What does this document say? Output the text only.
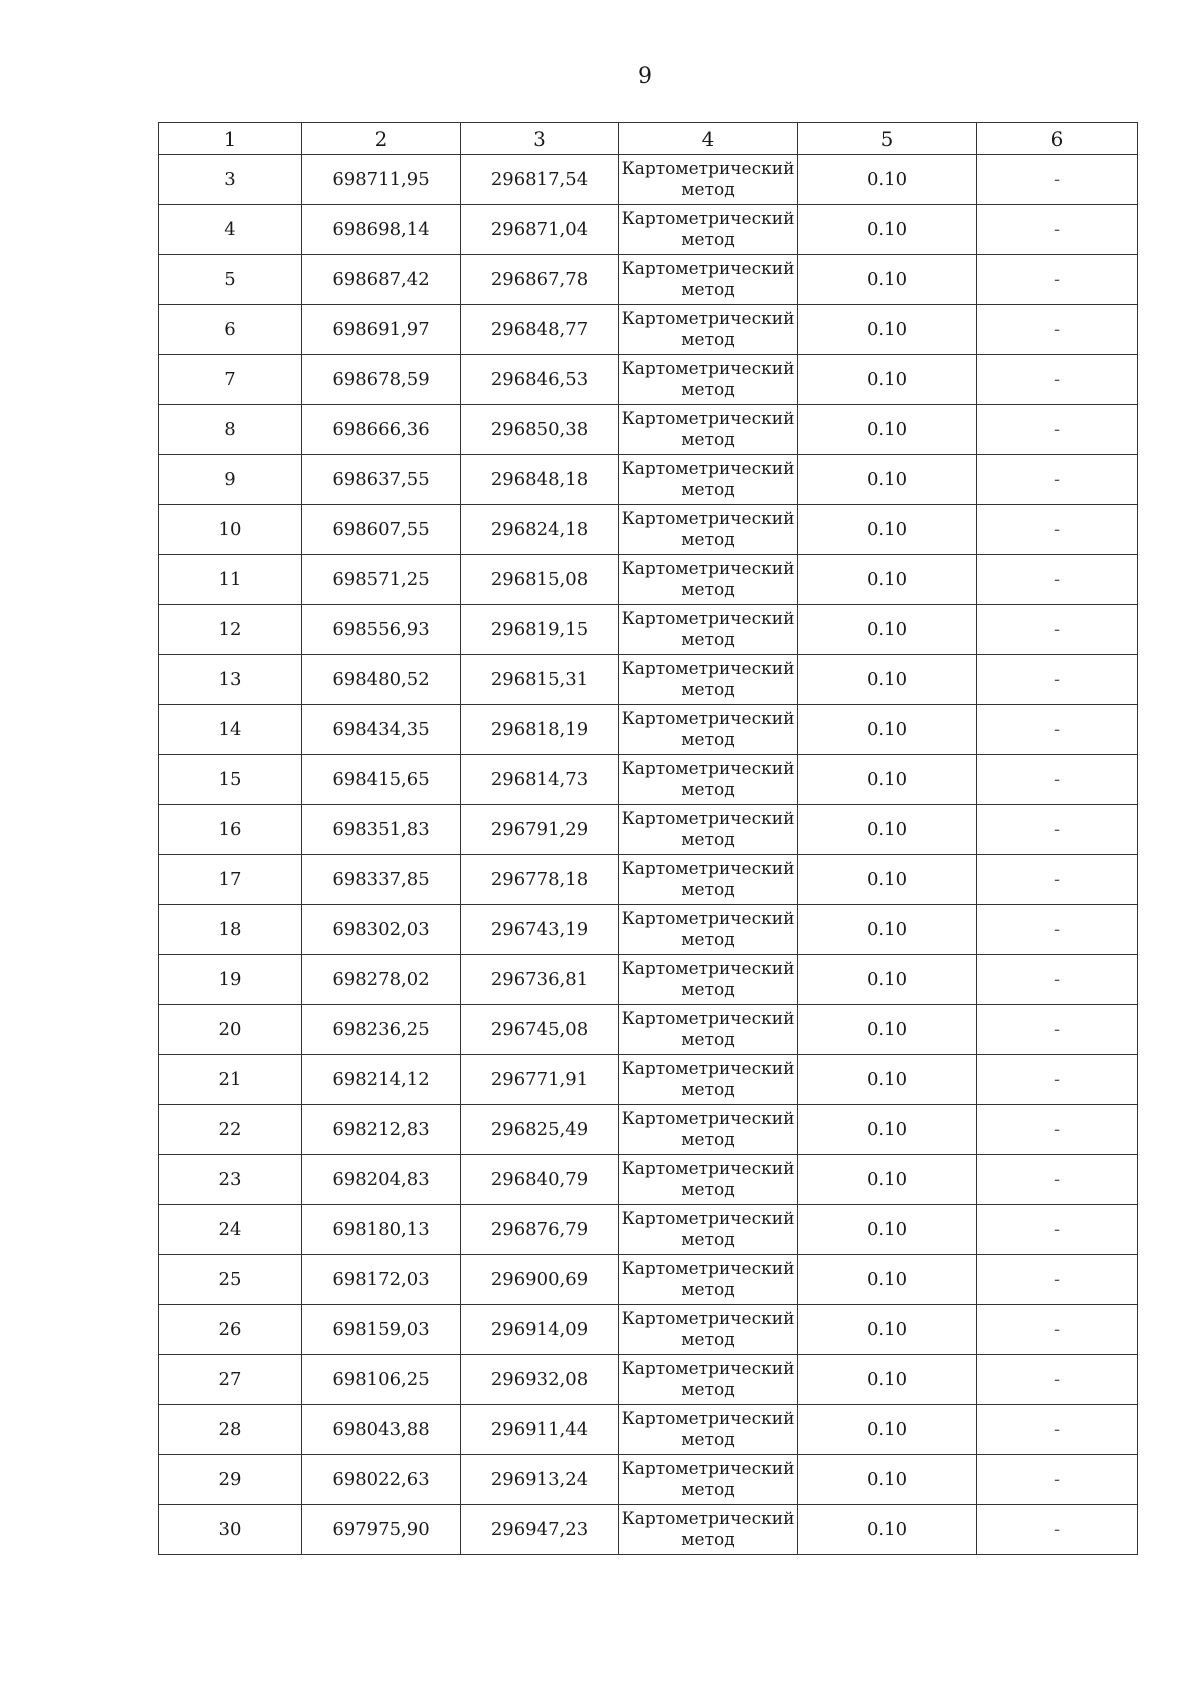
9
1	2	3	4	5	6
3	698711,95	296817,54	Картометрический метод	0.10	-
4	698698,14	296871,04	Картометрический метод	0.10	-
5	698687,42	296867,78	Картометрический метод	0.10	-
6	698691,97	296848,77	Картометрический метод	0.10	-
7	698678,59	296846,53	Картометрический метод	0.10	-
8	698666,36	296850,38	Картометрический метод	0.10	-
9	698637,55	296848,18	Картометрический метод	0.10	-
10	698607,55	296824,18	Картометрический метод	0.10	-
11	698571,25	296815,08	Картометрический метод	0.10	-
12	698556,93	296819,15	Картометрический метод	0.10	-
13	698480,52	296815,31	Картометрический метод	0.10	-
14	698434,35	296818,19	Картометрический метод	0.10	-
15	698415,65	296814,73	Картометрический метод	0.10	-
16	698351,83	296791,29	Картометрический метод	0.10	-
17	698337,85	296778,18	Картометрический метод	0.10	-
18	698302,03	296743,19	Картометрический метод	0.10	-
19	698278,02	296736,81	Картометрический метод	0.10	-
20	698236,25	296745,08	Картометрический метод	0.10	-
21	698214,12	296771,91	Картометрический метод	0.10	-
22	698212,83	296825,49	Картометрический метод	0.10	-
23	698204,83	296840,79	Картометрический метод	0.10	-
24	698180,13	296876,79	Картометрический метод	0.10	-
25	698172,03	296900,69	Картометрический метод	0.10	-
26	698159,03	296914,09	Картометрический метод	0.10	-
27	698106,25	296932,08	Картометрический метод	0.10	-
28	698043,88	296911,44	Картометрический метод	0.10	-
29	698022,63	296913,24	Картометрический метод	0.10	-
30	697975,90	296947,23	Картометрический метод	0.10	-
